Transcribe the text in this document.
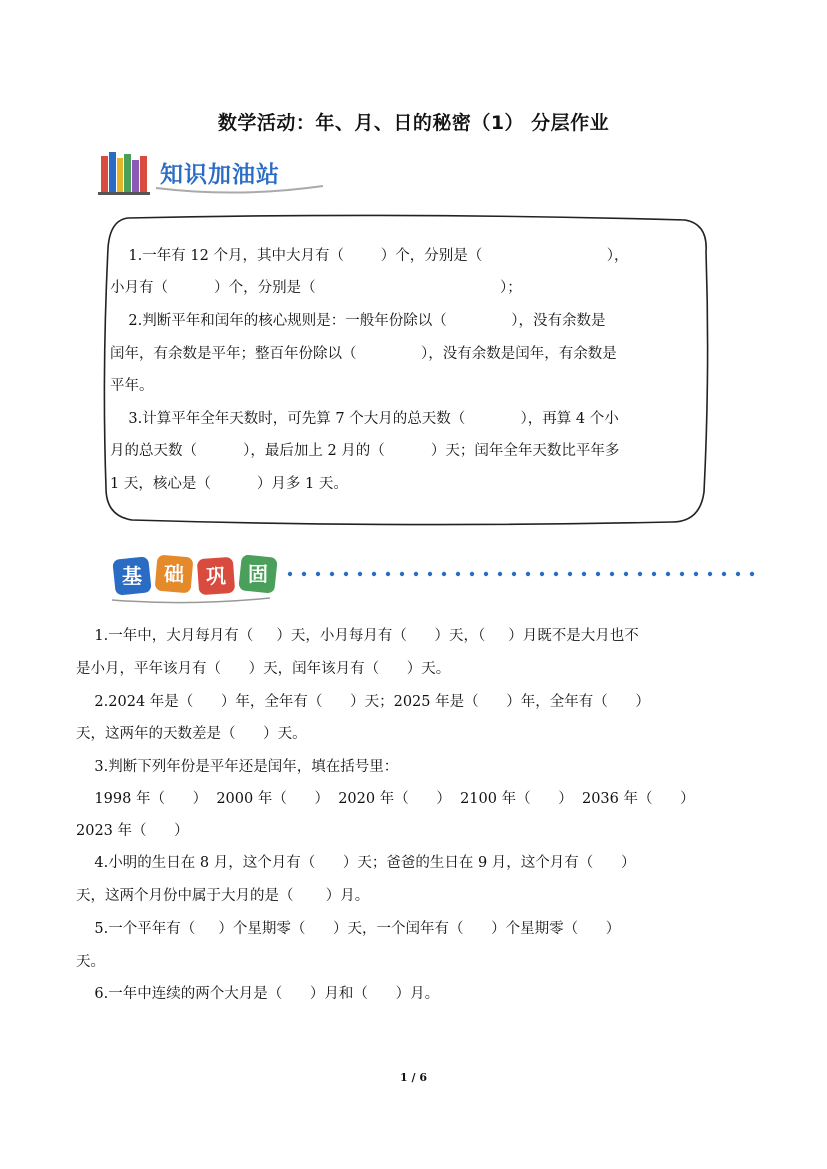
数学活动：年、月、日的秘密（1） 分层作业
知识加油站
1.一年有 12 个月，其中大月有（        ）个，分别是（                           ），
小月有（          ）个，分别是（                                        ）；
2.判断平年和闰年的核心规则是：一般年份除以（              ），没有余数是
闰年，有余数是平年；整百年份除以（              ），没有余数是闰年，有余数是
平年。
3.计算平年全年天数时，可先算 7 个大月的总天数（            ），再算 4 个小
月的总天数（          ），最后加上 2 月的（          ）天；闰年全年天数比平年多
1 天，核心是（          ）月多 1 天。
基 础 巩 固
1.一年中，大月每月有（     ）天，小月每月有（      ）天，（     ）月既不是大月也不
是小月，平年该月有（      ）天，闰年该月有（      ）天。
2.2024 年是（      ）年，全年有（      ）天；2025 年是（      ）年，全年有（      ）
天，这两年的天数差是（      ）天。
3.判断下列年份是平年还是闰年，填在括号里：
1998 年（      ）  2000 年（      ）  2020 年（      ）  2100 年（      ）  2036 年（      ）
2023 年（      ）
4.小明的生日在 8 月，这个月有（      ）天；爸爸的生日在 9 月，这个月有（      ）
天，这两个月份中属于大月的是（       ）月。
5.一个平年有（     ）个星期零（      ）天，一个闰年有（      ）个星期零（      ）
天。
6.一年中连续的两个大月是（      ）月和（      ）月。
1 / 6
